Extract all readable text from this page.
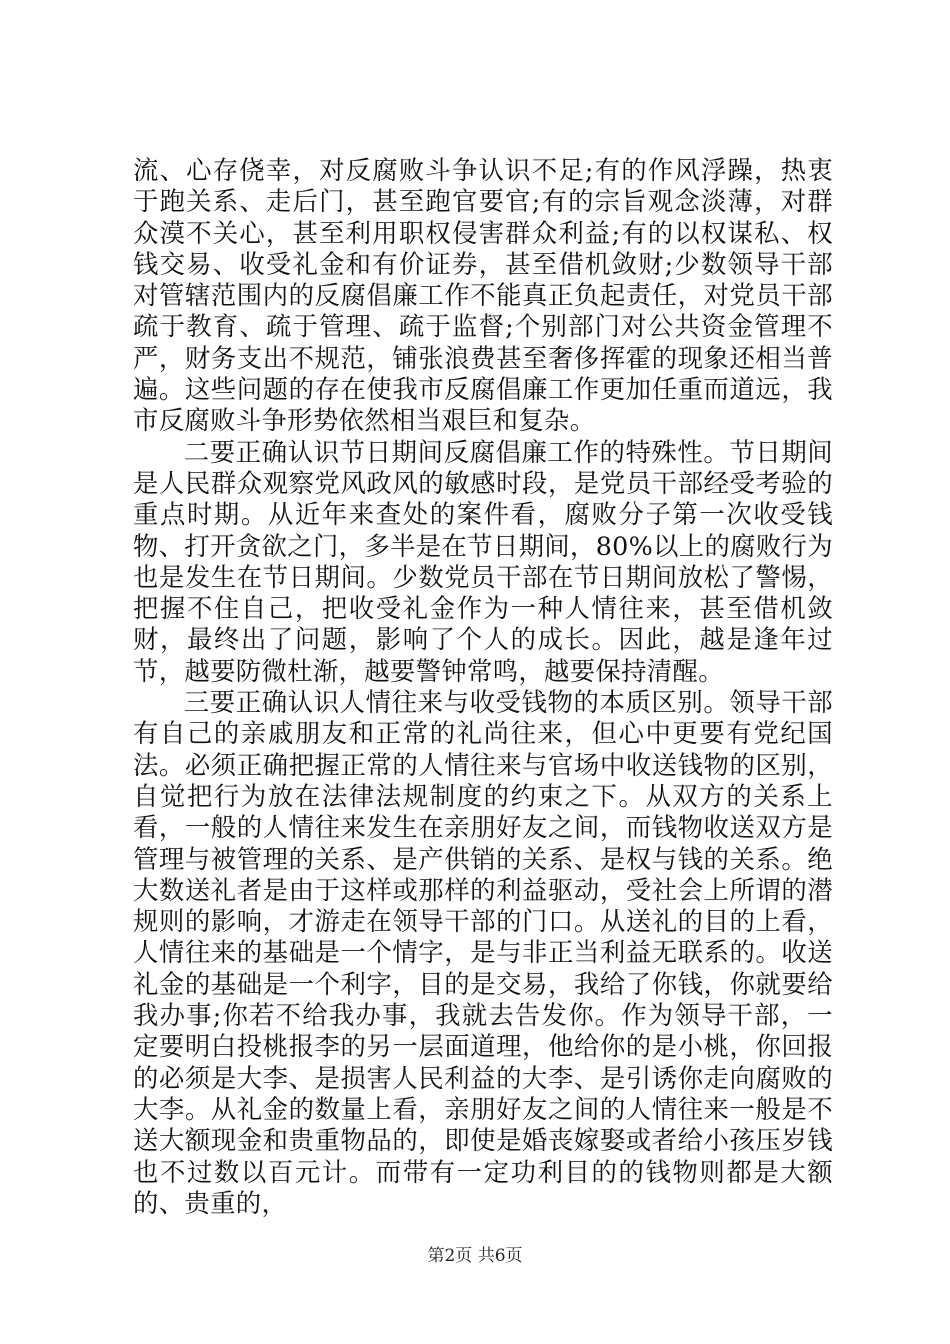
流、心存侥幸，对反腐败斗争认识不足;有的作风浮躁，热衷于跑关系、走后门，甚至跑官要官;有的宗旨观念淡薄，对群众漠不关心，甚至利用职权侵害群众利益;有的以权谋私、权钱交易、收受礼金和有价证券，甚至借机敛财;少数领导干部对管辖范围内的反腐倡廉工作不能真正负起责任，对党员干部疏于教育、疏于管理、疏于监督;个别部门对公共资金管理不严，财务支出不规范，铺张浪费甚至奢侈挥霍的现象还相当普遍。这些问题的存在使我市反腐倡廉工作更加任重而道远，我市反腐败斗争形势依然相当艰巨和复杂。

二要正确认识节日期间反腐倡廉工作的特殊性。节日期间是人民群众观察党风政风的敏感时段，是党员干部经受考验的重点时期。从近年来查处的案件看，腐败分子第一次收受钱物、打开贪欲之门，多半是在节日期间，80%以上的腐败行为也是发生在节日期间。少数党员干部在节日期间放松了警惕，把握不住自己，把收受礼金作为一种人情往来，甚至借机敛财，最终出了问题，影响了个人的成长。因此，越是逢年过节，越要防微杜渐，越要警钟常鸣，越要保持清醒。

三要正确认识人情往来与收受钱物的本质区别。领导干部有自己的亲戚朋友和正常的礼尚往来，但心中更要有党纪国法。必须正确把握正常的人情往来与官场中收送钱物的区别，自觉把行为放在法律法规制度的约束之下。从双方的关系上看，一般的人情往来发生在亲朋好友之间，而钱物收送双方是管理与被管理的关系、是产供销的关系、是权与钱的关系。绝大数送礼者是由于这样或那样的利益驱动，受社会上所谓的潜规则的影响，才游走在领导干部的门口。从送礼的目的上看，人情往来的基础是一个情字，是与非正当利益无联系的。收送礼金的基础是一个利字，目的是交易，我给了你钱，你就要给我办事;你若不给我办事，我就去告发你。作为领导干部，一定要明白投桃报李的另一层面道理，他给你的是小桃，你回报的必须是大李、是损害人民利益的大李、是引诱你走向腐败的大李。从礼金的数量上看，亲朋好友之间的人情往来一般是不送大额现金和贵重物品的，即使是婚丧嫁娶或者给小孩压岁钱也不过数以百元计。而带有一定功利目的的钱物则都是大额的、贵重的，

第2页 共6页
